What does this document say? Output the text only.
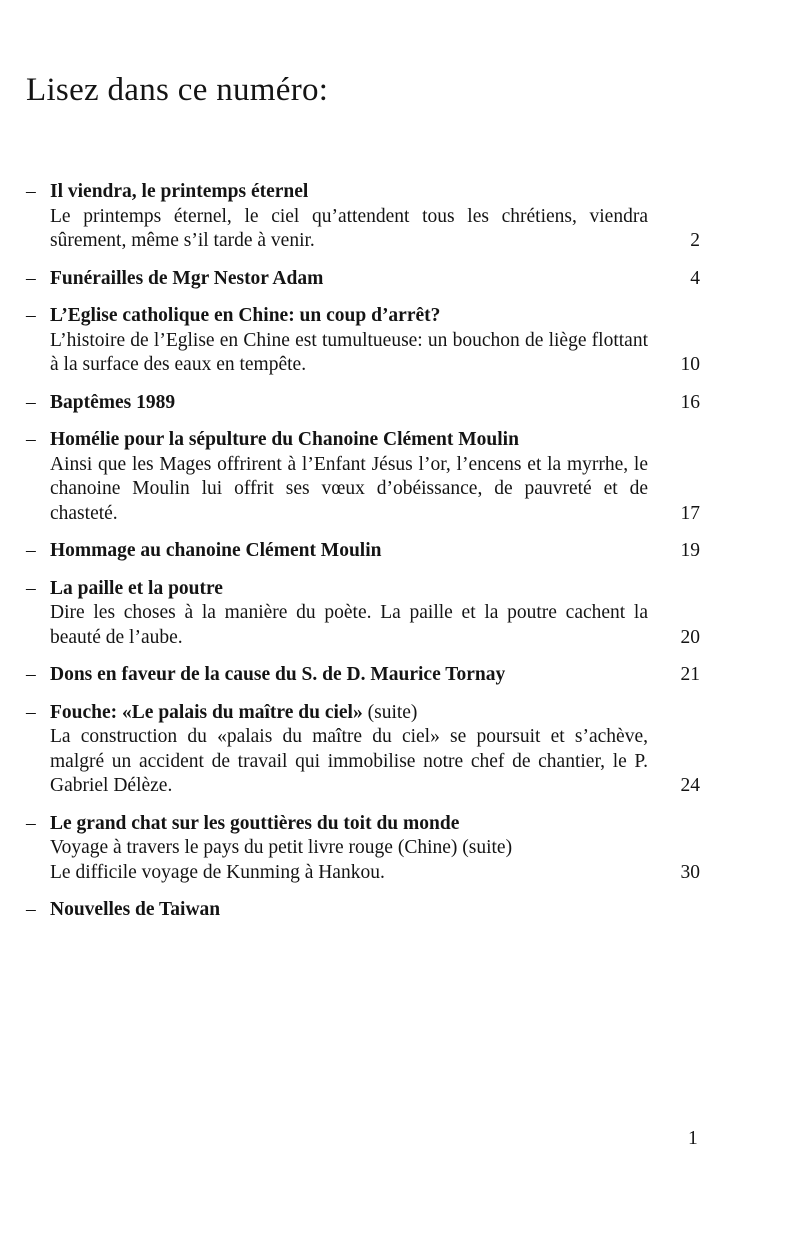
Lisez dans ce numéro:
– Il viendra, le printemps éternel
Le printemps éternel, le ciel qu’attendent tous les chrétiens, viendra sûrement, même s’il tarde à venir.	2
– Funérailles de Mgr Nestor Adam	4
– L’Eglise catholique en Chine: un coup d’arrêt?
L’histoire de l’Eglise en Chine est tumultueuse: un bouchon de liège flottant à la surface des eaux en tempête.	10
– Baptêmes 1989	16
– Homélie pour la sépulture du Chanoine Clément Moulin
Ainsi que les Mages offrirent à l’Enfant Jésus l’or, l’encens et la myrrhe, le chanoine Moulin lui offrit ses vœux d’obéissance, de pauvreté et de chasteté.	17
– Hommage au chanoine Clément Moulin	19
– La paille et la poutre
Dire les choses à la manière du poète. La paille et la poutre cachent la beauté de l’aube.	20
– Dons en faveur de la cause du S. de D. Maurice Tornay	21
– Fouche: «Le palais du maître du ciel» (suite)
La construction du «palais du maître du ciel» se poursuit et s’achève, malgré un accident de travail qui immobilise notre chef de chantier, le P. Gabriel Délèze.	24
– Le grand chat sur les gouttières du toit du monde
Voyage à travers le pays du petit livre rouge (Chine) (suite)
Le difficile voyage de Kunming à Hankou.	30
– Nouvelles de Taiwan
1
